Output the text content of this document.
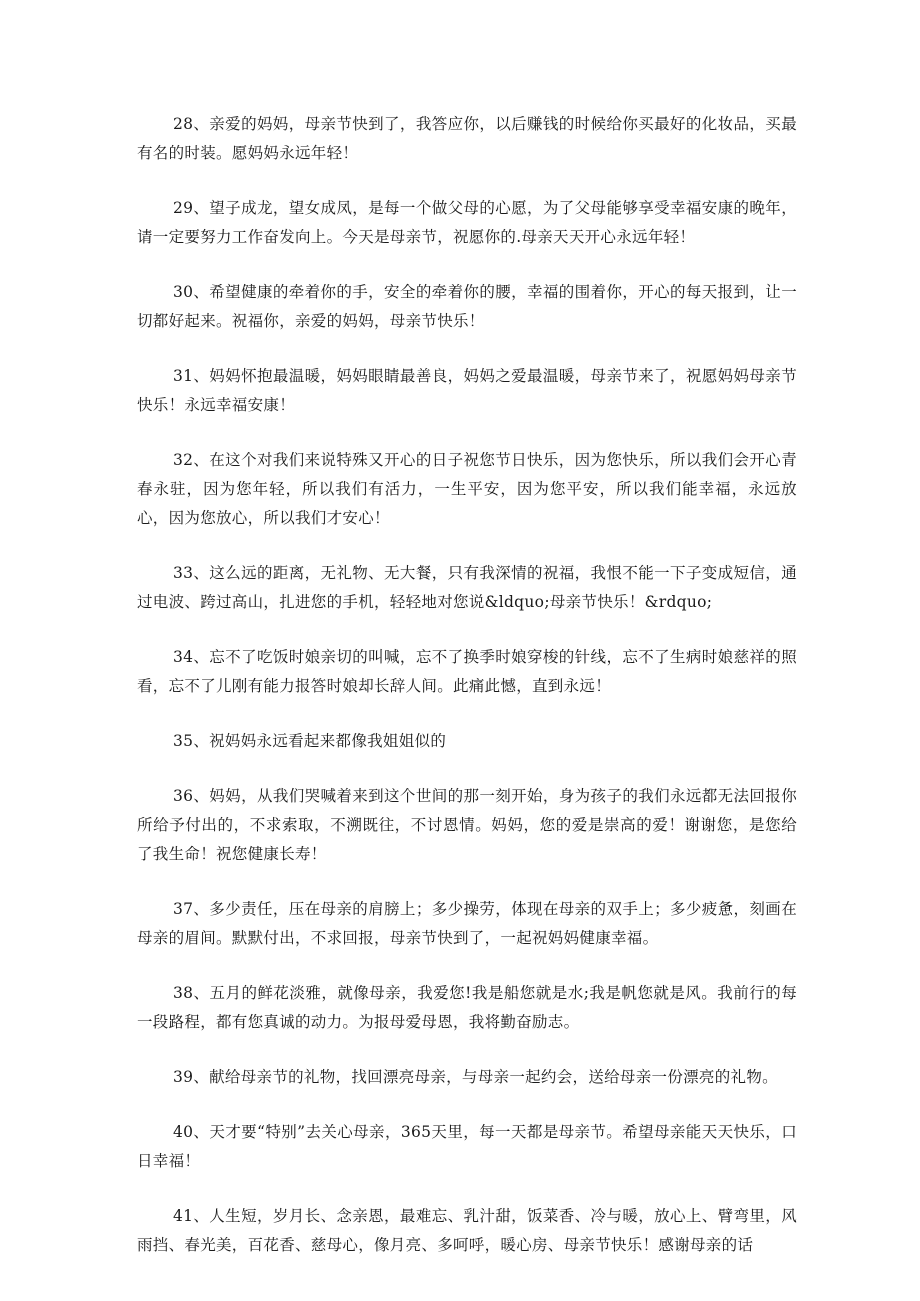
28、亲爱的妈妈，母亲节快到了，我答应你，以后赚钱的时候给你买最好的化妆品，买最有名的时装。愿妈妈永远年轻！

29、望子成龙，望女成凤，是每一个做父母的心愿，为了父母能够享受幸福安康的晚年，请一定要努力工作奋发向上。今天是母亲节，祝愿你的.母亲天天开心永远年轻！

30、希望健康的牵着你的手，安全的牵着你的腰，幸福的围着你，开心的每天报到，让一切都好起来。祝福你，亲爱的妈妈，母亲节快乐！

31、妈妈怀抱最温暖，妈妈眼睛最善良，妈妈之爱最温暖，母亲节来了，祝愿妈妈母亲节快乐！永远幸福安康！

32、在这个对我们来说特殊又开心的日子祝您节日快乐，因为您快乐，所以我们会开心青春永驻，因为您年轻，所以我们有活力，一生平安，因为您平安，所以我们能幸福，永远放心，因为您放心，所以我们才安心！

33、这么远的距离，无礼物、无大餐，只有我深情的祝福，我恨不能一下子变成短信，通过电波、跨过高山，扎进您的手机，轻轻地对您说&ldquo;母亲节快乐！&rdquo;

34、忘不了吃饭时娘亲切的叫喊，忘不了换季时娘穿梭的针线，忘不了生病时娘慈祥的照看，忘不了儿刚有能力报答时娘却长辞人间。此痛此憾，直到永远！

35、祝妈妈永远看起来都像我姐姐似的

36、妈妈，从我们哭喊着来到这个世间的那一刻开始，身为孩子的我们永远都无法回报你所给予付出的，不求索取，不溯既往，不讨恩情。妈妈，您的爱是崇高的爱！谢谢您，是您给了我生命！祝您健康长寿！

37、多少责任，压在母亲的肩膀上；多少操劳，体现在母亲的双手上；多少疲惫，刻画在母亲的眉间。默默付出，不求回报，母亲节快到了，一起祝妈妈健康幸福。

38、五月的鲜花淡雅，就像母亲，我爱您!我是船您就是水;我是帆您就是风。我前行的每一段路程，都有您真诚的动力。为报母爱母恩，我将勤奋励志。

39、献给母亲节的礼物，找回漂亮母亲，与母亲一起约会，送给母亲一份漂亮的礼物。

40、天才要“特别”去关心母亲，365天里，每一天都是母亲节。希望母亲能天天快乐，口日幸福！

41、人生短，岁月长、念亲恩，最难忘、乳汁甜，饭菜香、冷与暖，放心上、臂弯里，风雨挡、春光美，百花香、慈母心，像月亮、多呵呼，暖心房、母亲节快乐！感谢母亲的话
